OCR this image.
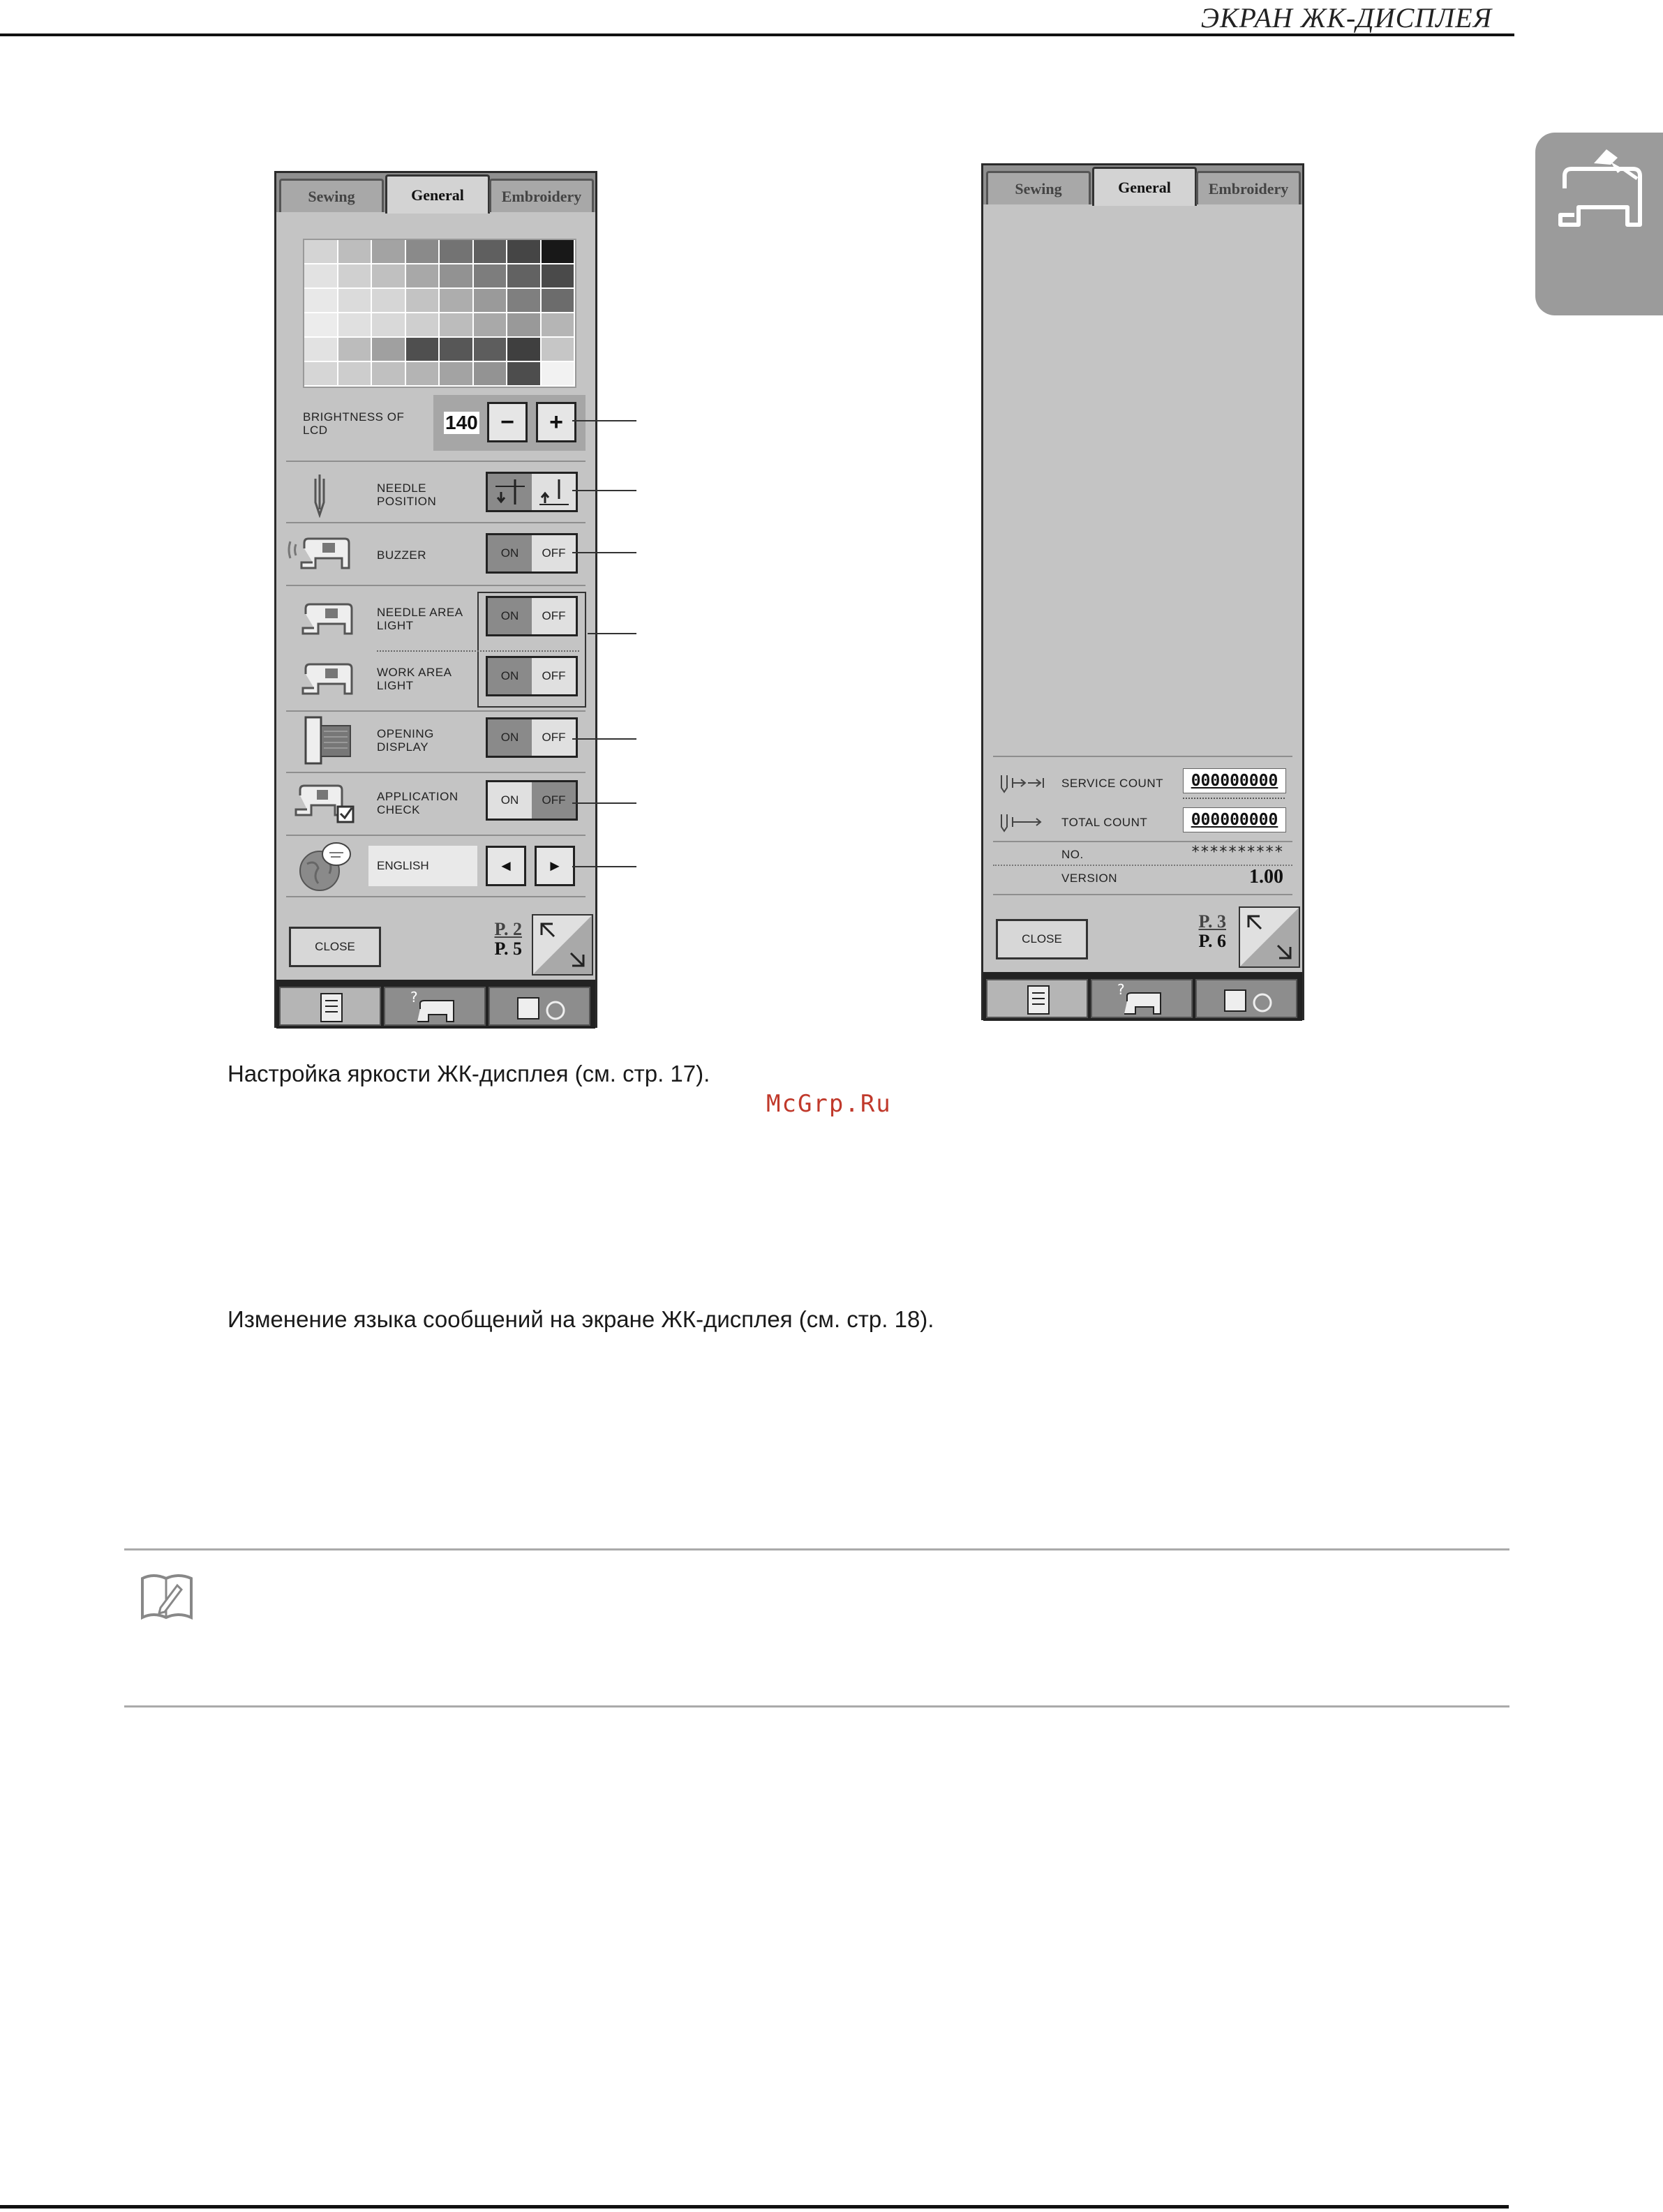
ЭКРАН ЖК-ДИСПЛЕЯ
Sewing	General	Embroidery
BRIGHTNESS OF
LCD	140 −	+
NEEDLE
POSITION
BUZZER	ON	OFF
NEEDLE AREA
LIGHT
ON	OFF
WORK AREA
LIGHT
ON	OFF
OPENING
DISPLAY
ON	OFF
APPLICATION
CHECK
ON	OFF
ENGLISH	◄	►
CLOSE
P. 2
P. 5
?
Sewing	General	Embroidery
SERVICE COUNT	000000000
TOTAL COUNT	000000000
NO.	**********
VERSION	1.00
CLOSE
P. 3
P. 6
?
Настройка яркости ЖК-дисплея (см. стр. 17).
McGrp.Ru
Изменение языка сообщений на экране ЖК-дисплея (см. стр. 18).
